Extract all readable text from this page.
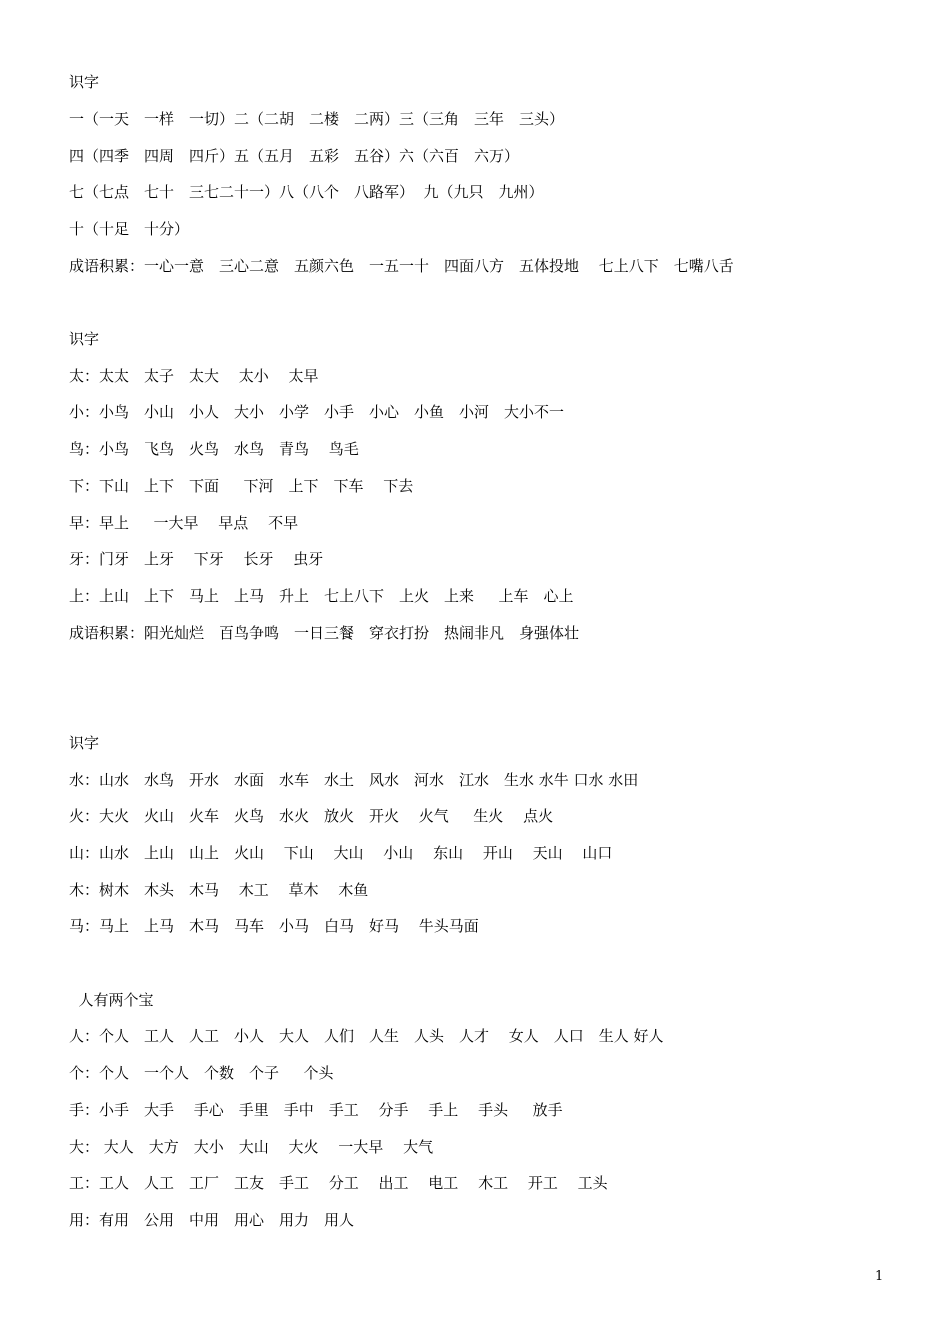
识字
一（一天　一样　一切）二（二胡　二楼　二两）三（三角　三年　三头）
四（四季　四周　四斤）五（五月　五彩　五谷）六（六百　六万）
七（七点　七十　三七二十一）八（八个　八路军）  九（九只　九州）
十（十足　十分）
成语积累：一心一意　三心二意　五颜六色　一五一十　四面八方　五体投地 　七上八下　七嘴八舌
识字
太：太太　太子　太大 　太小 　太早
小：小鸟　小山　小人　大小　小学　小手　小心　小鱼　小河　大小不一
鸟：小鸟　飞鸟　火鸟　水鸟　青鸟 　鸟毛
下：下山　上下　下面 　 下河　上下　下车 　下去
早：早上 　 一大早 　早点 　不早
牙：门牙　上牙 　下牙 　长牙 　虫牙
上：上山　上下　马上　上马　升上　七上八下　上火　上来 　 上车　心上
成语积累：阳光灿烂　百鸟争鸣　一日三餐　穿衣打扮　热闹非凡　身强体壮
识字
水：山水　水鸟　开水　水面　水车　水土　风水　河水　江水　生水 水牛 口水 水田
火：大火　火山　火车　火鸟　水火　放火　开火 　火气 　 生火 　点火
山：山水　上山　山上　火山 　下山 　大山 　小山 　东山 　开山 　天山 　山口
木：树木　木头　木马 　木工 　草木 　木鱼
马：马上　上马　木马　马车　小马　白马　好马 　牛头马面
人有两个宝
人：个人　工人　人工　小人　大人　人们　人生　人头　人才 　女人　人口　生人 好人
个：个人　一个人　个数　个子 　 个头
手：小手　大手 　手心　手里　手中　手工 　分手 　手上 　手头 　 放手
大： 大人　大方　大小　大山 　大火 　一大早 　大气
工：工人　人工　工厂　工友　手工 　分工 　出工 　电工 　木工 　开工 　工头
用：有用　公用　中用　用心　用力　用人
1
